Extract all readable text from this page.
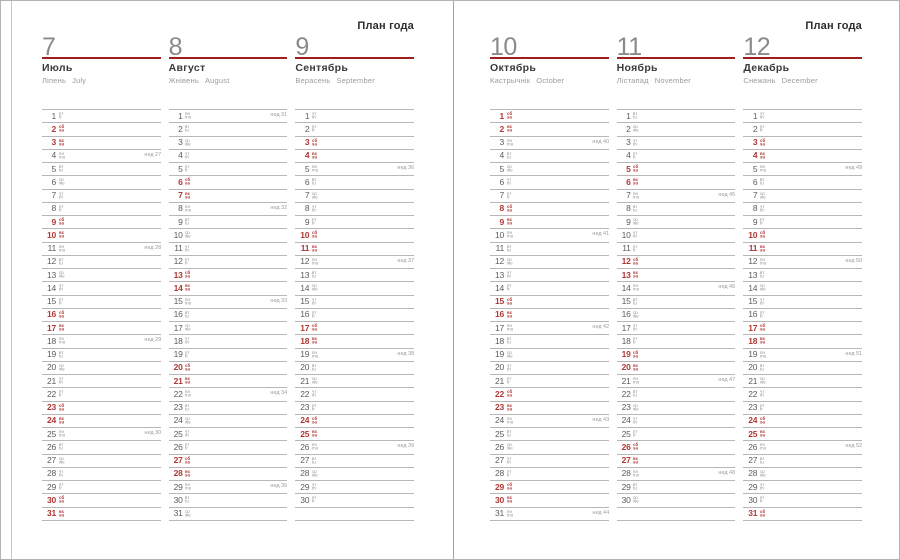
План года
7
Июль
Ліпень July
1 пт
fr
2 сб
sa
3 вс
su
4 пн
mo	нед 27
5 вт
tu
6 ср
we
7 чт
th
8 пт
fr
9 сб
sa
10 вс
su
11 пн
mo	нед 28
12 вт
tu
13 ср
we
14 чт
th
15 пт
fr
16 сб
sa
17 вс
su
18 пн
mo	нед 29
19 вт
tu
20 ср
we
21 чт
th
22 пт
fr
23 сб
sa
24 вс
su
25 пн
mo	нед 30
26 вт
tu
27 ср
we
28 чт
th
29 пт
fr
30 сб
sa
31 вс
su
8
Август
Жнівень August
1 пн
mo	нед 31
2 вт
tu
3 ср
we
4 чт
th
5 пт
fr
6 сб
sa
7 вс
su
8 пн
mo	нед 32
9 вт
tu
10 ср
we
11 чт
th
12 пт
fr
13 сб
sa
14 вс
su
15 пн
mo	нед 33
16 вт
tu
17 ср
we
18 чт
th
19 пт
fr
20 сб
sa
21 вс
su
22 пн
mo	нед 34
23 вт
tu
24 ср
we
25 чт
th
26 пт
fr
27 сб
sa
28 вс
su
29 пн
mo	нед 35
30 вт
tu
31 ср
we
9
Сентябрь
Верасень September
1 чт
th
2 пт
fr
3 сб
sa
4 вс
su
5 пн
mo	нед 36
6 вт
tu
7 ср
we
8 чт
th
9 пт
fr
10 сб
sa
11 вс
su
12 пн
mo	нед 37
13 вт
tu
14 ср
we
15 чт
th
16 пт
fr
17 сб
sa
18 вс
su
19 пн
mo	нед 38
20 вт
tu
21 ср
we
22 чт
th
23 пт
fr
24 сб
sa
25 вс
su
26 пн
mo	нед 39
27 вт
tu
28 ср
we
29 чт
th
30 пт
fr
План года
10
Октябрь
Кастрычнік October
1 сб
sa
2 вс
su
3 пн
mo	нед 40
4 вт
tu
5 ср
we
6 чт
th
7 пт
fr
8 сб
sa
9 вс
su
10 пн
mo	нед 41
11 вт
tu
12 ср
we
13 чт
th
14 пт
fr
15 сб
sa
16 вс
su
17 пн
mo	нед 42
18 вт
tu
19 ср
we
20 чт
th
21 пт
fr
22 сб
sa
23 вс
su
24 пн
mo	нед 43
25 вт
tu
26 ср
we
27 чт
th
28 пт
fr
29 сб
sa
30 вс
su
31 пн
mo	нед 44
11
Ноябрь
Лістапад November
1 вт
tu
2 ср
we
3 чт
th
4 пт
fr
5 сб
sa
6 вс
su
7 пн
mo	нед 45
8 вт
tu
9 ср
we
10 чт
th
11 пт
fr
12 сб
sa
13 вс
su
14 пн
mo	нед 46
15 вт
tu
16 ср
we
17 чт
th
18 пт
fr
19 сб
sa
20 вс
su
21 пн
mo	нед 47
22 вт
tu
23 ср
we
24 чт
th
25 пт
fr
26 сб
sa
27 вс
su
28 пн
mo	нед 48
29 вт
tu
30 ср
we
12
Декабрь
Снежань December
1 чт
th
2 пт
fr
3 сб
sa
4 вс
su
5 пн
mo	нед 49
6 вт
tu
7 ср
we
8 чт
th
9 пт
fr
10 сб
sa
11 вс
su
12 пн
mo	нед 50
13 вт
tu
14 ср
we
15 чт
th
16 пт
fr
17 сб
sa
18 вс
su
19 пн
mo	нед 51
20 вт
tu
21 ср
we
22 чт
th
23 пт
fr
24 сб
sa
25 вс
su
26 пн
mo	нед 52
27 вт
tu
28 ср
we
29 чт
th
30 пт
fr
31 сб
sa
